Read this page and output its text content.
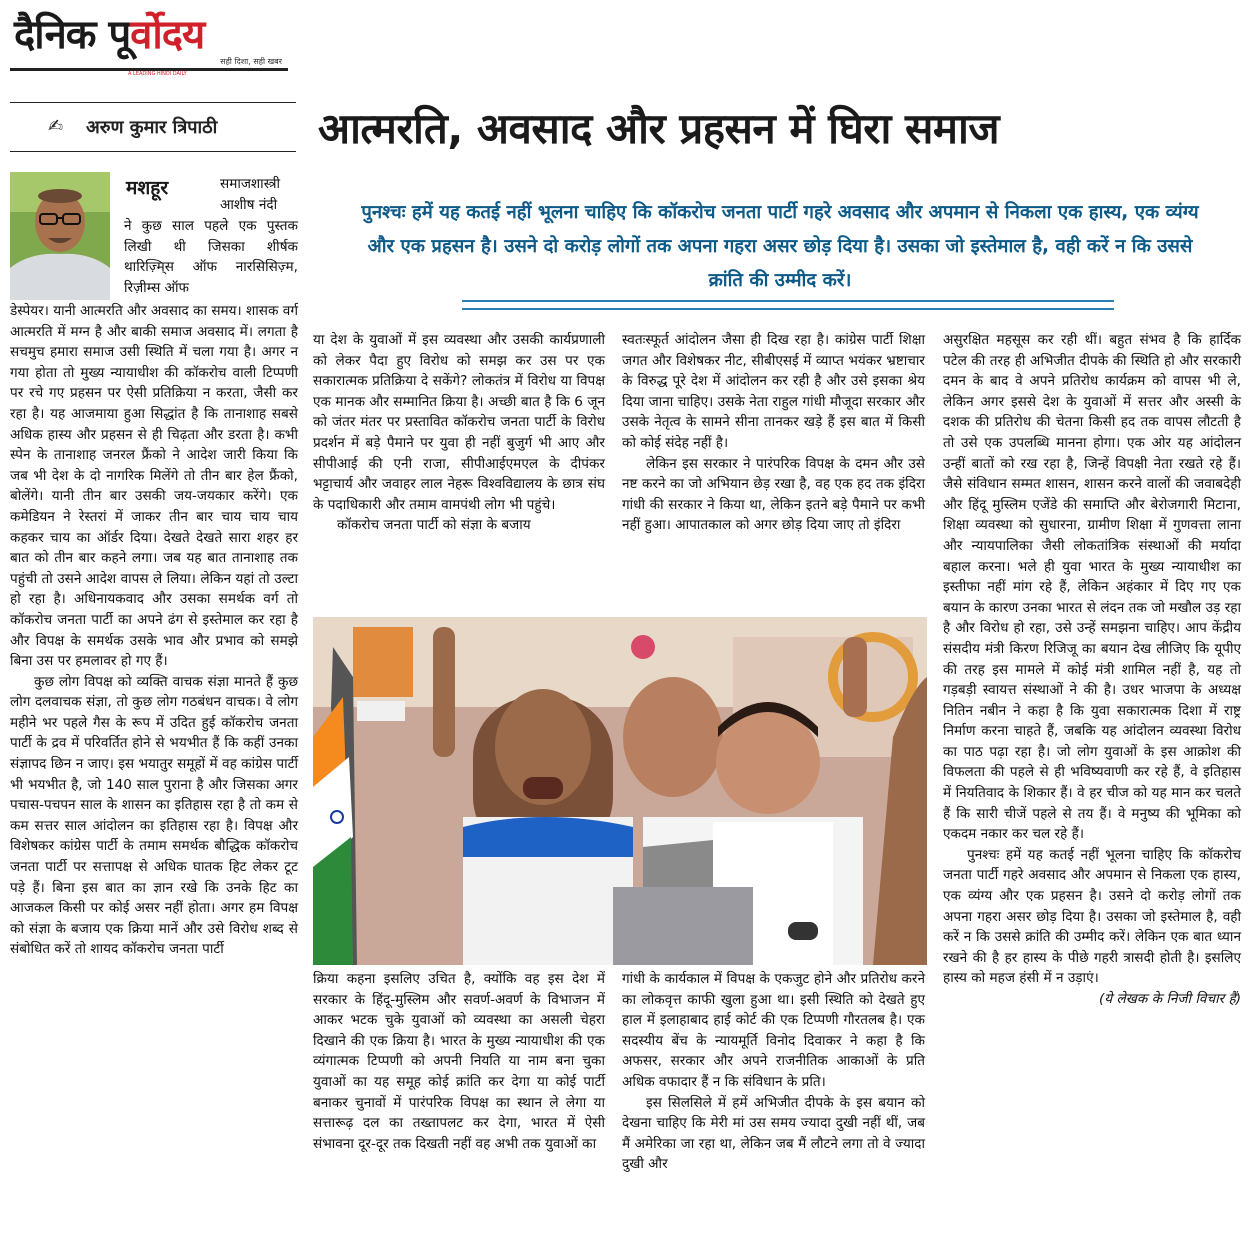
दैनिक पूर्वोदय
सही दिशा, सही खबर
A LEADING HINDI DAILY
✍ अरुण कुमार त्रिपाठी आत्मरति, अवसाद और प्रहसन में घिरा समाज
पुनश्चः हमें यह कतई नहीं भूलना चाहिए कि कॉकरोच जनता पार्टी गहरे अवसाद और अपमान से निकला एक हास्य, एक व्यंग्य और एक प्रहसन है। उसने दो करोड़ लोगों तक अपना गहरा असर छोड़ दिया है। उसका जो इस्तेमाल है, वही करें न कि उससे क्रांति की उम्मीद करें।
मशहूर	समाजशास्त्री आशीष नंदी
ने कुछ साल पहले एक पुस्तक लिखी थी जिसका शीर्षक थारिज़्मि्स ऑफ नारसिसिज़्म, रिज़ीम्स ऑफ

डेस्पेयर। यानी आत्मरति और अवसाद का समय। शासक वर्ग आत्मरति में मग्न है और बाकी समाज अवसाद में। लगता है सचमुच हमारा समाज उसी स्थिति में चला गया है। अगर न गया होता तो मुख्य न्यायाधीश की कॉकरोच वाली टिप्पणी पर रचे गए प्रहसन पर ऐसी प्रतिक्रिया न करता, जैसी कर रहा है। यह आजमाया हुआ सिद्धांत है कि तानाशाह सबसे अधिक हास्य और प्रहसन से ही चिढ़ता और डरता है। कभी स्पेन के तानाशाह जनरल फ्रैंको ने आदेश जारी किया कि जब भी देश के दो नागरिक मिलेंगे तो तीन बार हेल फ्रैंको, बोलेंगे। यानी तीन बार उसकी जय-जयकार करेंगे। एक कमेडियन ने रेस्तरां में जाकर तीन बार चाय चाय चाय कहकर चाय का ऑर्डर दिया। देखते देखते सारा शहर हर बात को तीन बार कहने लगा। जब यह बात तानाशाह तक पहुंची तो उसने आदेश वापस ले लिया। लेकिन यहां तो उल्टा हो रहा है। अधिनायकवाद और उसका समर्थक वर्ग तो कॉकरोच जनता पार्टी का अपने ढंग से इस्तेमाल कर रहा है और विपक्ष के समर्थक उसके भाव और प्रभाव को समझे बिना उस पर हमलावर हो गए हैं।

कुछ लोग विपक्ष को व्यक्ति वाचक संज्ञा मानते हैं कुछ लोग दलवाचक संज्ञा, तो कुछ लोग गठबंधन वाचक। वे लोग महीने भर पहले गैस के रूप में उदित हुई कॉकरोच जनता पार्टी के द्रव में परिवर्तित होने से भयभीत हैं कि कहीं उनका संज्ञापद छिन न जाए। इस भयातुर समूहों में वह कांग्रेस पार्टी भी भयभीत है, जो 140 साल पुराना है और जिसका अगर पचास-पचपन साल के शासन का इतिहास रहा है तो कम से कम सत्तर साल आंदोलन का इतिहास रहा है। विपक्ष और विशेषकर कांग्रेस पार्टी के तमाम समर्थक बौद्धिक कॉकरोच जनता पार्टी पर सत्तापक्ष से अधिक घातक हिट लेकर टूट पड़े हैं। बिना इस बात का ज्ञान रखे कि उनके हिट का आजकल किसी पर कोई असर नहीं होता। अगर हम विपक्ष को संज्ञा के बजाय एक क्रिया मानें और उसे विरोध शब्द से संबोधित करें तो शायद कॉकरोच जनता पार्टी

या देश के युवाओं में इस व्यवस्था और उसकी कार्यप्रणाली को लेकर पैदा हुए विरोध को समझ कर उस पर एक सकारात्मक प्रतिक्रिया दे सकेंगे? लोकतंत्र में विरोध या विपक्ष एक मानक और सम्मानित क्रिया है। अच्छी बात है कि 6 जून को जंतर मंतर पर प्रस्तावित कॉकरोच जनता पार्टी के विरोध प्रदर्शन में बड़े पैमाने पर युवा ही नहीं बुजुर्ग भी आए और सीपीआई की एनी राजा, सीपीआईएमएल के दीपंकर भट्टाचार्य और जवाहर लाल नेहरू विश्वविद्यालय के छात्र संघ के पदाधिकारी और तमाम वामपंथी लोग भी पहुंचे।

कॉकरोच जनता पार्टी को संज्ञा के बजाय

स्वतःस्फूर्त आंदोलन जैसा ही दिख रहा है। कांग्रेस पार्टी शिक्षा जगत और विशेषकर नीट, सीबीएसई में व्याप्त भयंकर भ्रष्टाचार के विरुद्ध पूरे देश में आंदोलन कर रही है और उसे इसका श्रेय दिया जाना चाहिए। उसके नेता राहुल गांधी मौजूदा सरकार और उसके नेतृत्व के सामने सीना तानकर खड़े हैं इस बात में किसी को कोई संदेह नहीं है।

लेकिन इस सरकार ने पारंपरिक विपक्ष के दमन और उसे नष्ट करने का जो अभियान छेड़ रखा है, वह एक हद तक इंदिरा गांधी की सरकार ने किया था, लेकिन इतने बड़े पैमाने पर कभी नहीं हुआ। आपातकाल को अगर छोड़ दिया जाए तो इंदिरा

क्रिया कहना इसलिए उचित है, क्योंकि वह इस देश में सरकार के हिंदू-मुस्लिम और सवर्ण-अवर्ण के विभाजन में आकर भटक चुके युवाओं को व्यवस्था का असली चेहरा दिखाने की एक क्रिया है। भारत के मुख्य न्यायाधीश की एक व्यंगात्मक टिप्पणी को अपनी नियति या नाम बना चुका युवाओं का यह समूह कोई क्रांति कर देगा या कोई पार्टी बनाकर चुनावों में पारंपरिक विपक्ष का स्थान ले लेगा या सत्तारूढ़ दल का तख्तापलट कर देगा, भारत में ऐसी संभावना दूर-दूर तक दिखती नहीं वह अभी तक युवाओं का

गांधी के कार्यकाल में विपक्ष के एकजुट होने और प्रतिरोध करने का लोकवृत्त काफी खुला हुआ था। इसी स्थिति को देखते हुए हाल में इलाहाबाद हाई कोर्ट की एक टिप्पणी गौरतलब है। एक सदस्यीय बेंच के न्यायमूर्ति विनोद दिवाकर ने कहा है कि अफसर, सरकार और अपने राजनीतिक आकाओं के प्रति अधिक वफादार हैं न कि संविधान के प्रति।

इस सिलसिले में हमें अभिजीत दीपके के इस बयान को देखना चाहिए कि मेरी मां उस समय ज्यादा दुखी नहीं थीं, जब मैं अमेरिका जा रहा था, लेकिन जब मैं लौटने लगा तो वे ज्यादा दुखी और

असुरक्षित महसूस कर रही थीं। बहुत संभव है कि हार्दिक पटेल की तरह ही अभिजीत दीपके की स्थिति हो और सरकारी दमन के बाद वे अपने प्रतिरोध कार्यक्रम को वापस भी ले, लेकिन अगर इससे देश के युवाओं में सत्तर और अस्सी के दशक की प्रतिरोध की चेतना किसी हद तक वापस लौटती है तो उसे एक उपलब्धि मानना होगा। एक ओर यह आंदोलन उन्हीं बातों को रख रहा है, जिन्हें विपक्षी नेता रखते रहे हैं। जैसे संविधान सम्मत शासन, शासन करने वालों की जवाबदेही और हिंदू मुस्लिम एजेंडे की समाप्ति और बेरोजगारी मिटाना, शिक्षा व्यवस्था को सुधारना, ग्रामीण शिक्षा में गुणवत्ता लाना और न्यायपालिका जैसी लोकतांत्रिक संस्थाओं की मर्यादा बहाल करना। भले ही युवा भारत के मुख्य न्यायाधीश का इस्तीफा नहीं मांग रहे हैं, लेकिन अहंकार में दिए गए एक बयान के कारण उनका भारत से लंदन तक जो मखौल उड़ रहा है और विरोध हो रहा, उसे उन्हें समझना चाहिए। आप केंद्रीय संसदीय मंत्री किरण रिजिजू का बयान देख लीजिए कि यूपीए की तरह इस मामले में कोई मंत्री शामिल नहीं है, यह तो गड़बड़ी स्वायत्त संस्थाओं ने की है। उधर भाजपा के अध्यक्ष नितिन नबीन ने कहा है कि युवा सकारात्मक दिशा में राष्ट्र निर्माण करना चाहते हैं, जबकि यह आंदोलन व्यवस्था विरोध का पाठ पढ़ा रहा है। जो लोग युवाओं के इस आक्रोश की विफलता की पहले से ही भविष्यवाणी कर रहे हैं, वे इतिहास में नियतिवाद के शिकार हैं। वे हर चीज को यह मान कर चलते हैं कि सारी चीजें पहले से तय हैं। वे मनुष्य की भूमिका को एकदम नकार कर चल रहे हैं।

पुनश्चः हमें यह कतई नहीं भूलना चाहिए कि कॉकरोच जनता पार्टी गहरे अवसाद और अपमान से निकला एक हास्य, एक व्यंग्य और एक प्रहसन है। उसने दो करोड़ लोगों तक अपना गहरा असर छोड़ दिया है। उसका जो इस्तेमाल है, वही करें न कि उससे क्रांति की उम्मीद करें। लेकिन एक बात ध्यान रखने की है हर हास्य के पीछे गहरी त्रासदी होती है। इसलिए हास्य को महज हंसी में न उड़ाएं।

(ये लेखक के निजी विचार हैं)
